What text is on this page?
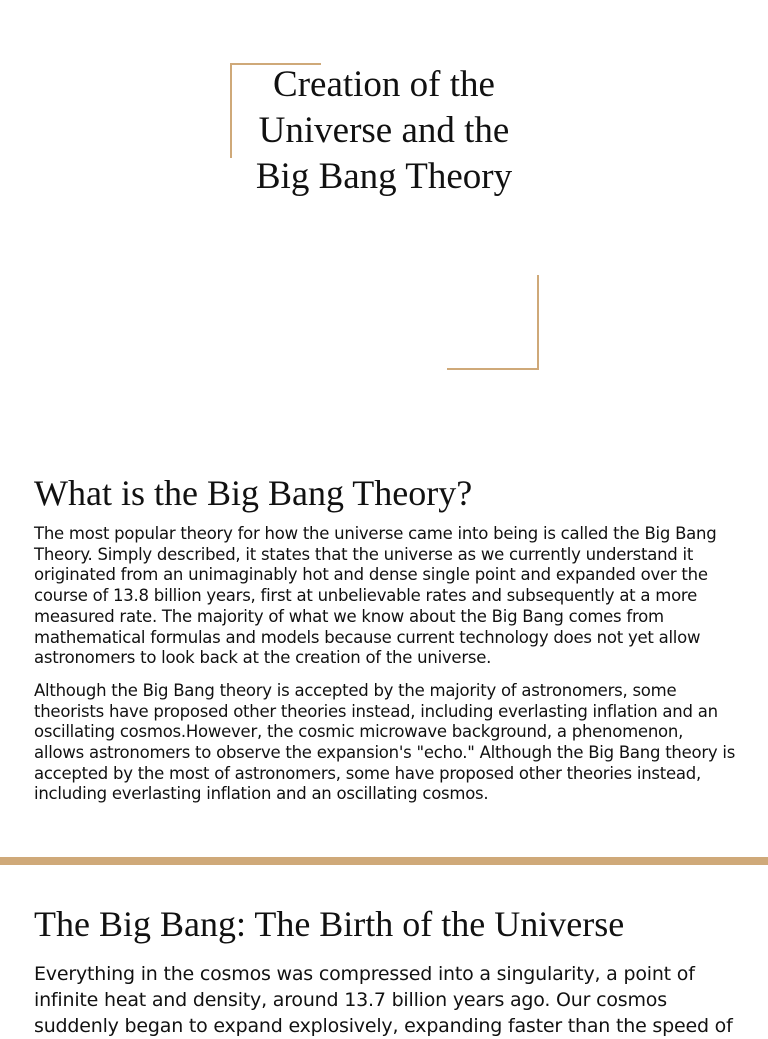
Creation of the Universe and the Big Bang Theory
What is the Big Bang Theory?

The most popular theory for how the universe came into being is called the Big Bang Theory. Simply described, it states that the universe as we currently understand it originated from an unimaginably hot and dense single point and expanded over the course of 13.8 billion years, first at unbelievable rates and subsequently at a more measured rate. The majority of what we know about the Big Bang comes from mathematical formulas and models because current technology does not yet allow astronomers to look back at the creation of the universe.

Although the Big Bang theory is accepted by the majority of astronomers, some theorists have proposed other theories instead, including everlasting inflation and an oscillating cosmos.However, the cosmic microwave background, a phenomenon, allows astronomers to observe the expansion's "echo." Although the Big Bang theory is accepted by the most of astronomers, some have proposed other theories instead, including everlasting inflation and an oscillating cosmos.

The Big Bang: The Birth of the Universe

Everything in the cosmos was compressed into a singularity, a point of infinite heat and density, around 13.7 billion years ago. Our cosmos suddenly began to expand explosively, expanding faster than the speed of
